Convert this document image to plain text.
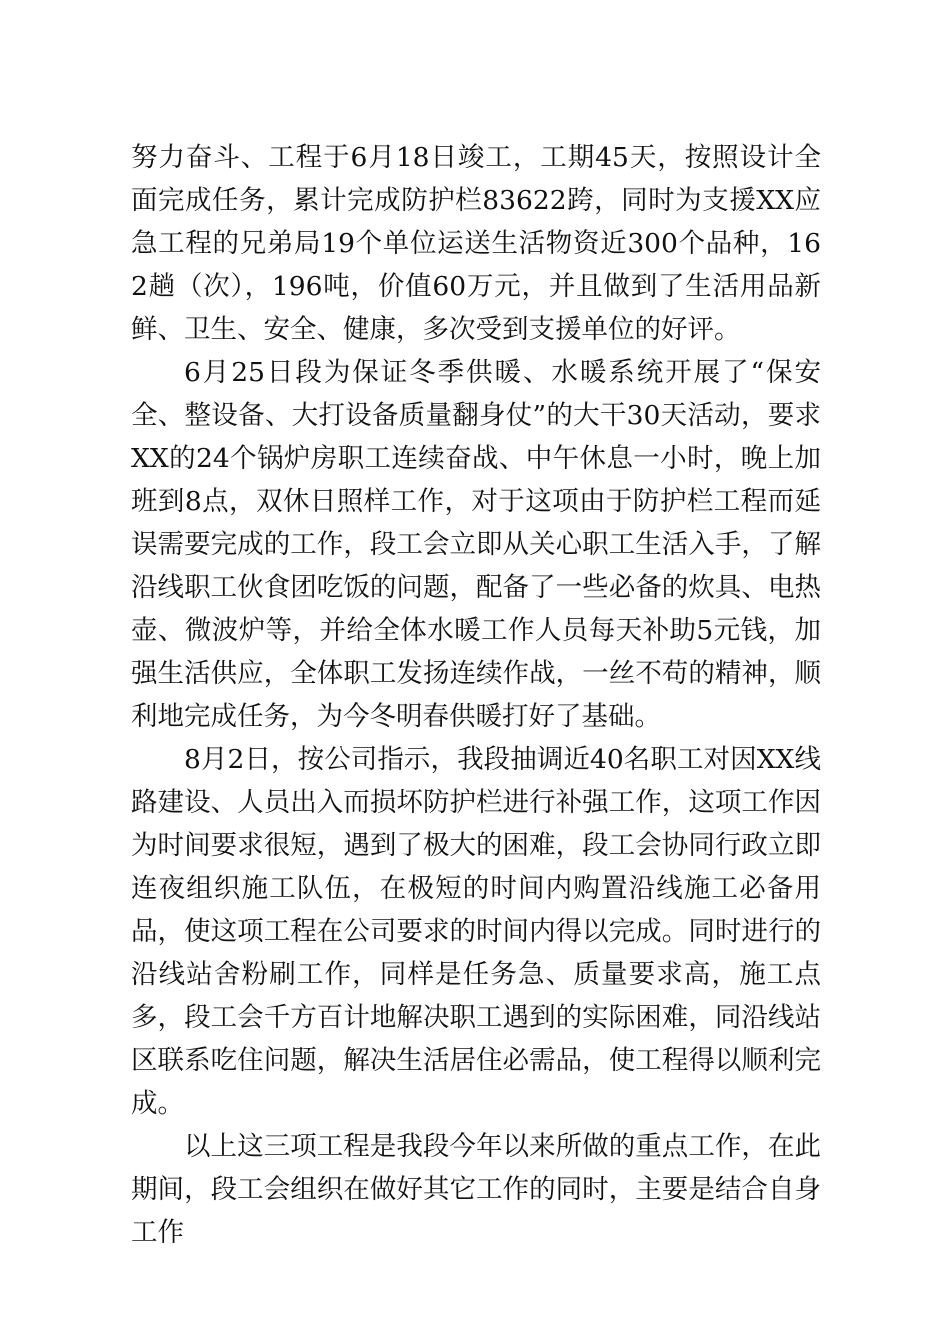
努力奋斗、工程于6月18日竣工，工期45天，按照设计全面完成任务，累计完成防护栏83622跨，同时为支援XX应急工程的兄弟局19个单位运送生活物资近300个品种，162趟（次），196吨，价值60万元，并且做到了生活用品新鲜、卫生、安全、健康，多次受到支援单位的好评。

6月25日段为保证冬季供暖、水暖系统开展了“保安全、整设备、大打设备质量翻身仗”的大干30天活动，要求XX的24个锅炉房职工连续奋战、中午休息一小时，晚上加班到8点，双休日照样工作，对于这项由于防护栏工程而延误需要完成的工作，段工会立即从关心职工生活入手，了解沿线职工伙食团吃饭的问题，配备了一些必备的炊具、电热壶、微波炉等，并给全体水暖工作人员每天补助5元钱，加强生活供应，全体职工发扬连续作战，一丝不苟的精神，顺利地完成任务，为今冬明春供暖打好了基础。

8月2日，按公司指示，我段抽调近40名职工对因XX线路建设、人员出入而损坏防护栏进行补强工作，这项工作因为时间要求很短，遇到了极大的困难，段工会协同行政立即连夜组织施工队伍，在极短的时间内购置沿线施工必备用品，使这项工程在公司要求的时间内得以完成。同时进行的沿线站舍粉刷工作，同样是任务急、质量要求高，施工点多，段工会千方百计地解决职工遇到的实际困难，同沿线站区联系吃住问题，解决生活居住必需品，使工程得以顺利完成。

以上这三项工程是我段今年以来所做的重点工作，在此期间，段工会组织在做好其它工作的同时，主要是结合自身工作
